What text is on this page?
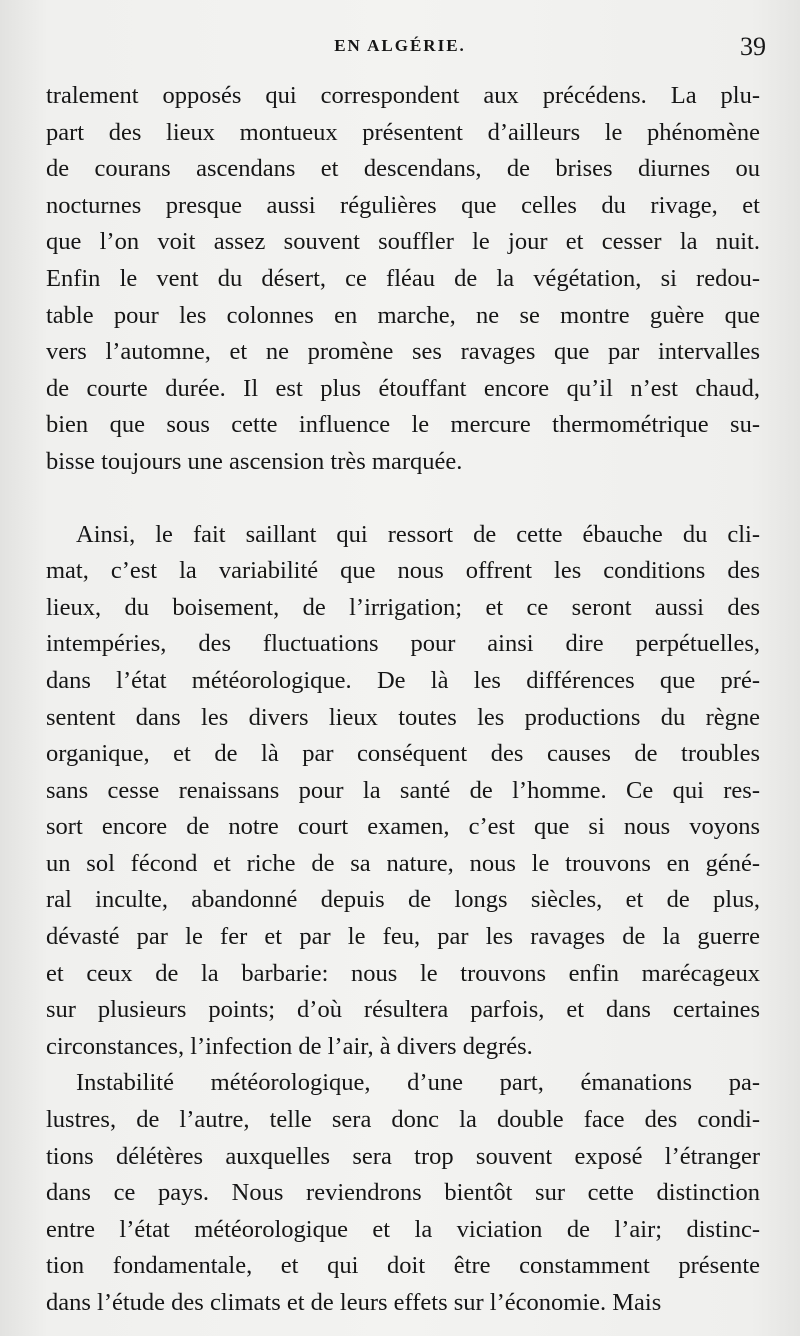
EN ALGÉRIE.	39
tralement opposés qui correspondent aux précédens. La plu-
part des lieux montueux présentent d’ailleurs le phénomène
de courans ascendans et descendans, de brises diurnes ou
nocturnes presque aussi régulières que celles du rivage, et
que l’on voit assez souvent souffler le jour et cesser la nuit.
Enfin le vent du désert, ce fléau de la végétation, si redou-
table pour les colonnes en marche, ne se montre guère que
vers l’automne, et ne promène ses ravages que par intervalles
de courte durée. Il est plus étouffant encore qu’il n’est chaud,
bien que sous cette influence le mercure thermométrique su-
bisse toujours une ascension très marquée.
Ainsi, le fait saillant qui ressort de cette ébauche du cli-
mat, c’est la variabilité que nous offrent les conditions des
lieux, du boisement, de l’irrigation; et ce seront aussi des
intempéries, des fluctuations pour ainsi dire perpétuelles,
dans l’état météorologique. De là les différences que pré-
sentent dans les divers lieux toutes les productions du règne
organique, et de là par conséquent des causes de troubles
sans cesse renaissans pour la santé de l’homme. Ce qui res-
sort encore de notre court examen, c’est que si nous voyons
un sol fécond et riche de sa nature, nous le trouvons en géné-
ral inculte, abandonné depuis de longs siècles, et de plus,
dévasté par le fer et par le feu, par les ravages de la guerre
et ceux de la barbarie: nous le trouvons enfin marécageux
sur plusieurs points; d’où résultera parfois, et dans certaines
circonstances, l’infection de l’air, à divers degrés.
Instabilité météorologique, d’une part, émanations pa-
lustres, de l’autre, telle sera donc la double face des condi-
tions délétères auxquelles sera trop souvent exposé l’étranger
dans ce pays. Nous reviendrons bientôt sur cette distinction
entre l’état météorologique et la viciation de l’air; distinc-
tion fondamentale, et qui doit être constamment présente
dans l’étude des climats et de leurs effets sur l’économie. Mais
